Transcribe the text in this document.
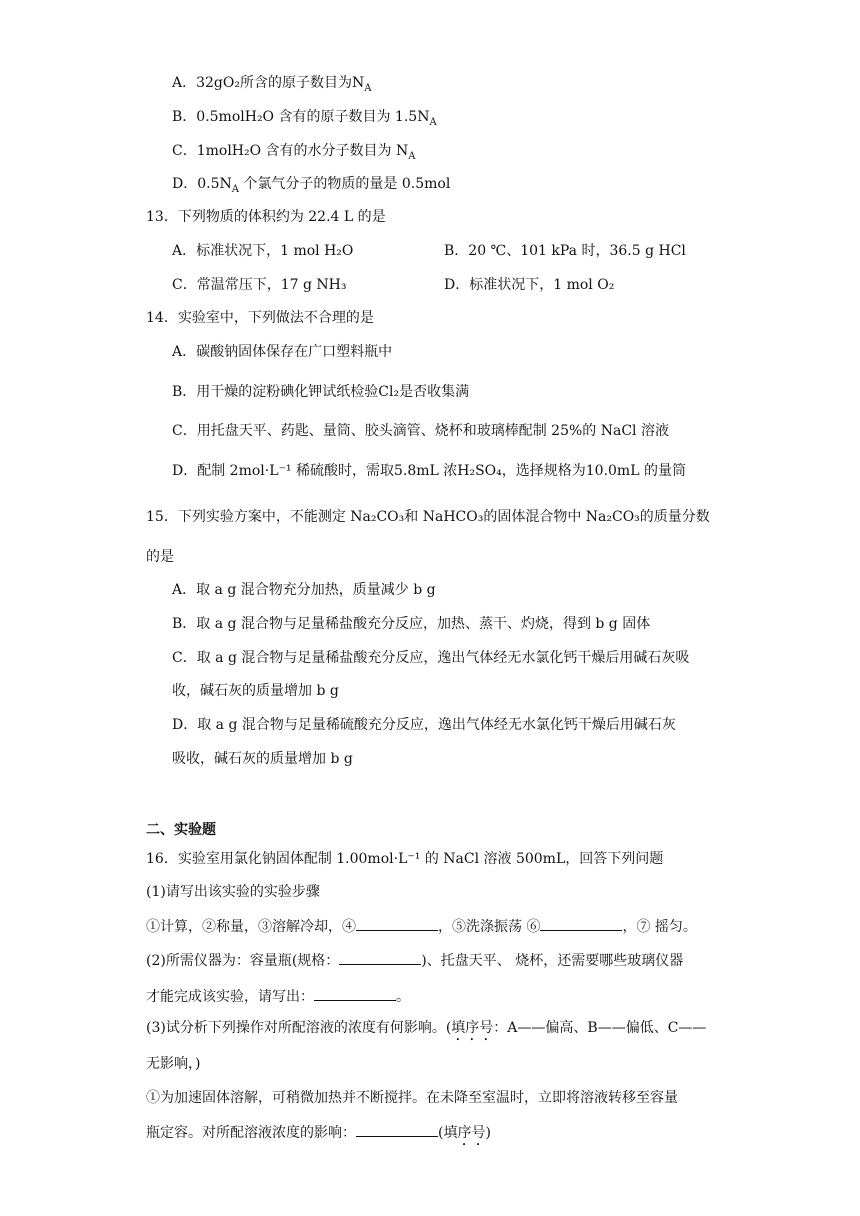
A．32gO₂所含的原子数目为$N_A$
B．0.5molH₂O 含有的原子数目为 $1.5N_A$
C．1molH₂O 含有的水分子数目为 $N_A$
D．$0.5N_A$ 个氯气分子的物质的量是 0.5mol
13．下列物质的体积约为 22.4 L 的是
A．标准状况下，1 mol H₂O	B．20 ℃、101 kPa 时，36.5 g HCl
C．常温常压下，17 g NH₃	D．标准状况下，1 mol O₂
14．实验室中，下列做法不合理的是
A．碳酸钠固体保存在广口塑料瓶中
B．用干燥的淀粉碘化钾试纸检验Cl₂是否收集满
C．用托盘天平、药匙、量筒、胶头滴管、烧杯和玻璃棒配制 25%的 NaCl 溶液
D．配制 2mol·L⁻¹ 稀硫酸时，需取5.8mL 浓H₂SO₄，选择规格为10.0mL 的量筒
15．下列实验方案中，不能测定 Na₂CO₃和 NaHCO₃的固体混合物中 Na₂CO₃的质量分数
的是
A．取 a g 混合物充分加热，质量减少 b g
B．取 a g 混合物与足量稀盐酸充分反应，加热、蒸干、灼烧，得到 b g 固体
C．取 a g 混合物与足量稀盐酸充分反应，逸出气体经无水氯化钙干燥后用碱石灰吸
收，碱石灰的质量增加 b g
D．取 a g 混合物与足量稀硫酸充分反应，逸出气体经无水氯化钙干燥后用碱石灰
吸收，碱石灰的质量增加 b g
二、实验题
16．实验室用氯化钠固体配制 1.00mol·L⁻¹ 的 NaCl 溶液 500mL，回答下列问题
(1)请写出该实验的实验步骤
①计算，②称量，③溶解冷却，④	，⑤洗涤振荡 ⑥	，⑦ 摇匀。
(2)所需仪器为：容量瓶(规格：	)、托盘天平、 烧杯，还需要哪些玻璃仪器
才能完成该实验，请写出：	。
(3)试分析下列操作对所配溶液的浓度有何影响。(填序号：A——偏高、B——偏低、C——
无影响，)
①为加速固体溶解，可稍微加热并不断搅拌。在未降至室温时，立即将溶液转移至容量
瓶定容。对所配溶液浓度的影响：	(填序号)
